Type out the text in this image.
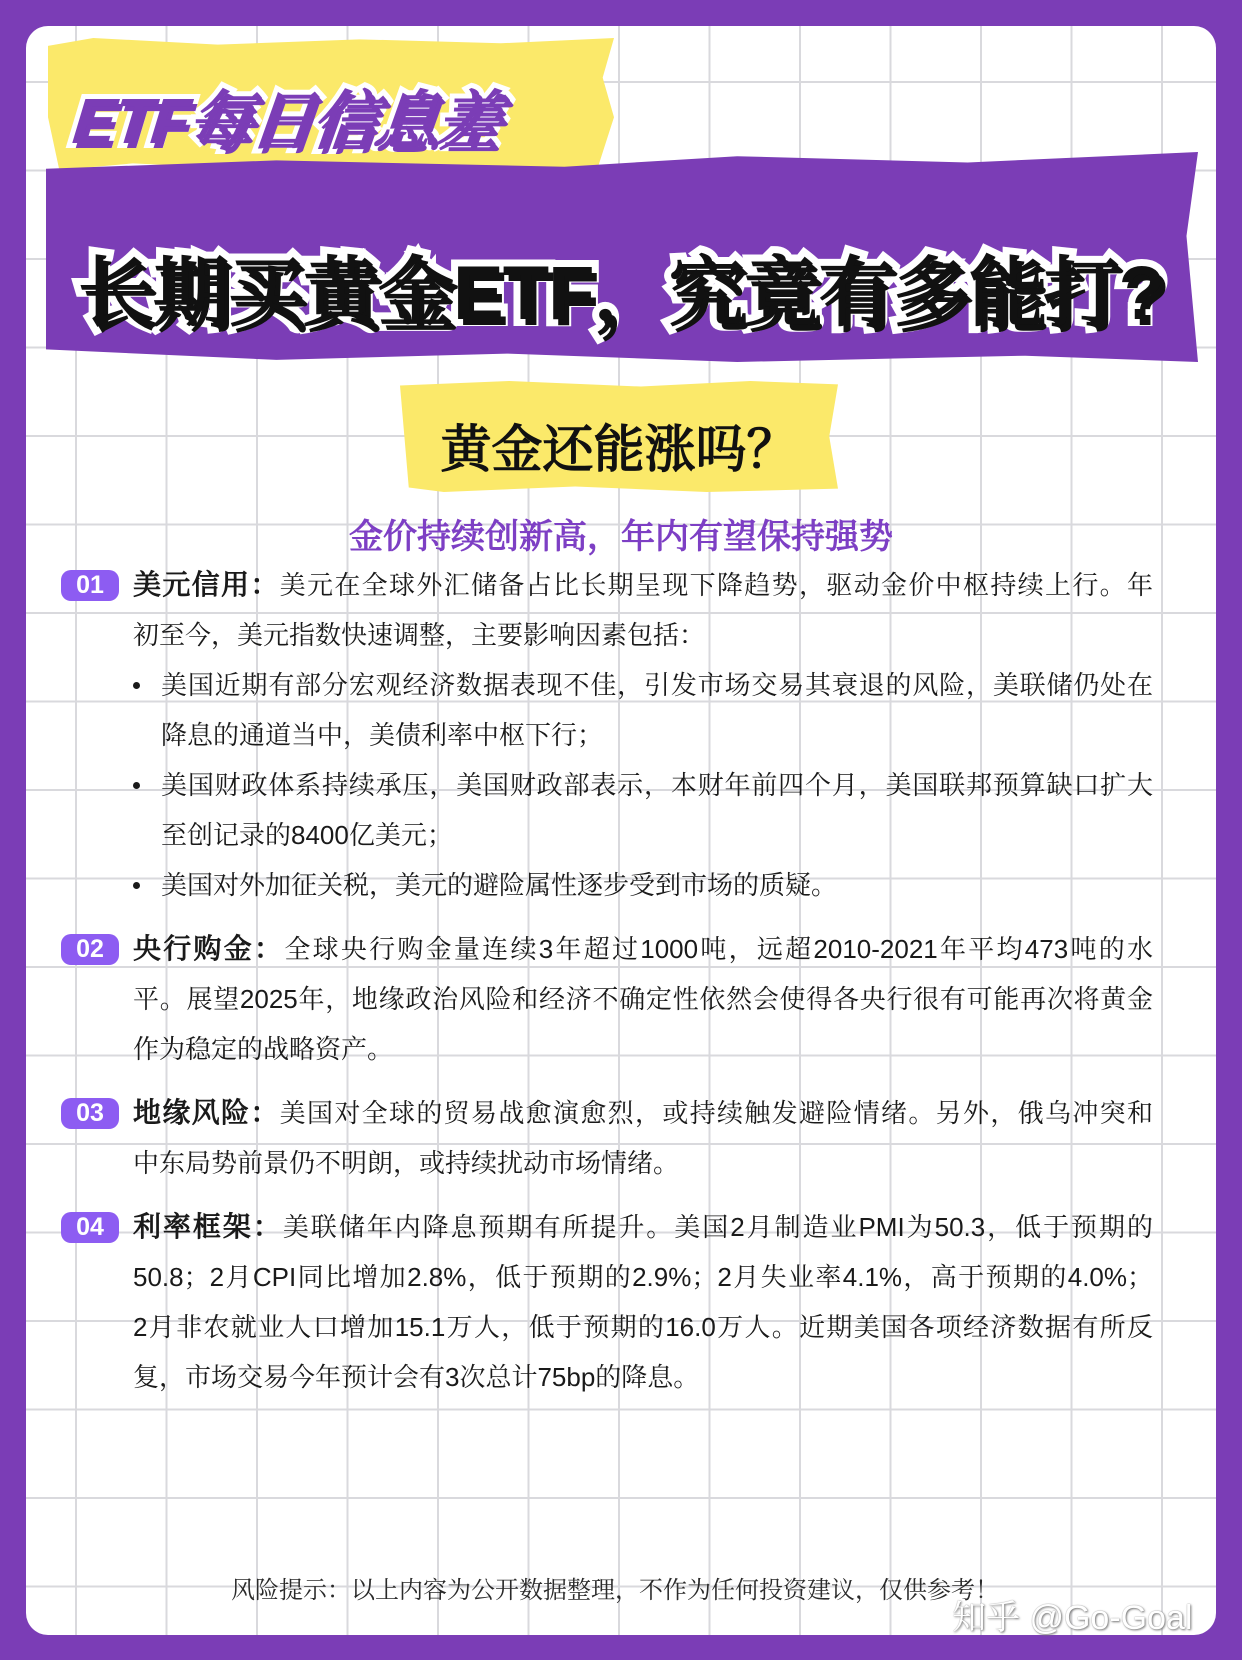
ETF每日信息差
长期买黄金ETF，究竟有多能打?
黄金还能涨吗？
金价持续创新高，年内有望保持强势
01	美元信用：美元在全球外汇储备占比长期呈现下降趋势，驱动金价中枢持续上行。年
初至今，美元指数快速调整，主要影响因素包括：
美国近期有部分宏观经济数据表现不佳，引发市场交易其衰退的风险，美联储仍处在
降息的通道当中，美债利率中枢下行；
美国财政体系持续承压，美国财政部表示，本财年前四个月，美国联邦预算缺口扩大
至创记录的8400亿美元；
美国对外加征关税，美元的避险属性逐步受到市场的质疑。
02	央行购金：全球央行购金量连续3年超过1000吨，远超2010-2021年平均473吨的水
平。展望2025年，地缘政治风险和经济不确定性依然会使得各央行很有可能再次将黄金
作为稳定的战略资产。
03	地缘风险：美国对全球的贸易战愈演愈烈，或持续触发避险情绪。另外，俄乌冲突和
中东局势前景仍不明朗，或持续扰动市场情绪。
04	利率框架：美联储年内降息预期有所提升。美国2月制造业PMI为50.3，低于预期的
50.8；2月CPI同比增加2.8%，低于预期的2.9%；2月失业率4.1%，高于预期的4.0%；
2月非农就业人口增加15.1万人，低于预期的16.0万人。近期美国各项经济数据有所反
复，市场交易今年预计会有3次总计75bp的降息。
风险提示：以上内容为公开数据整理，不作为任何投资建议，仅供参考！
知乎 @Go-Goal
